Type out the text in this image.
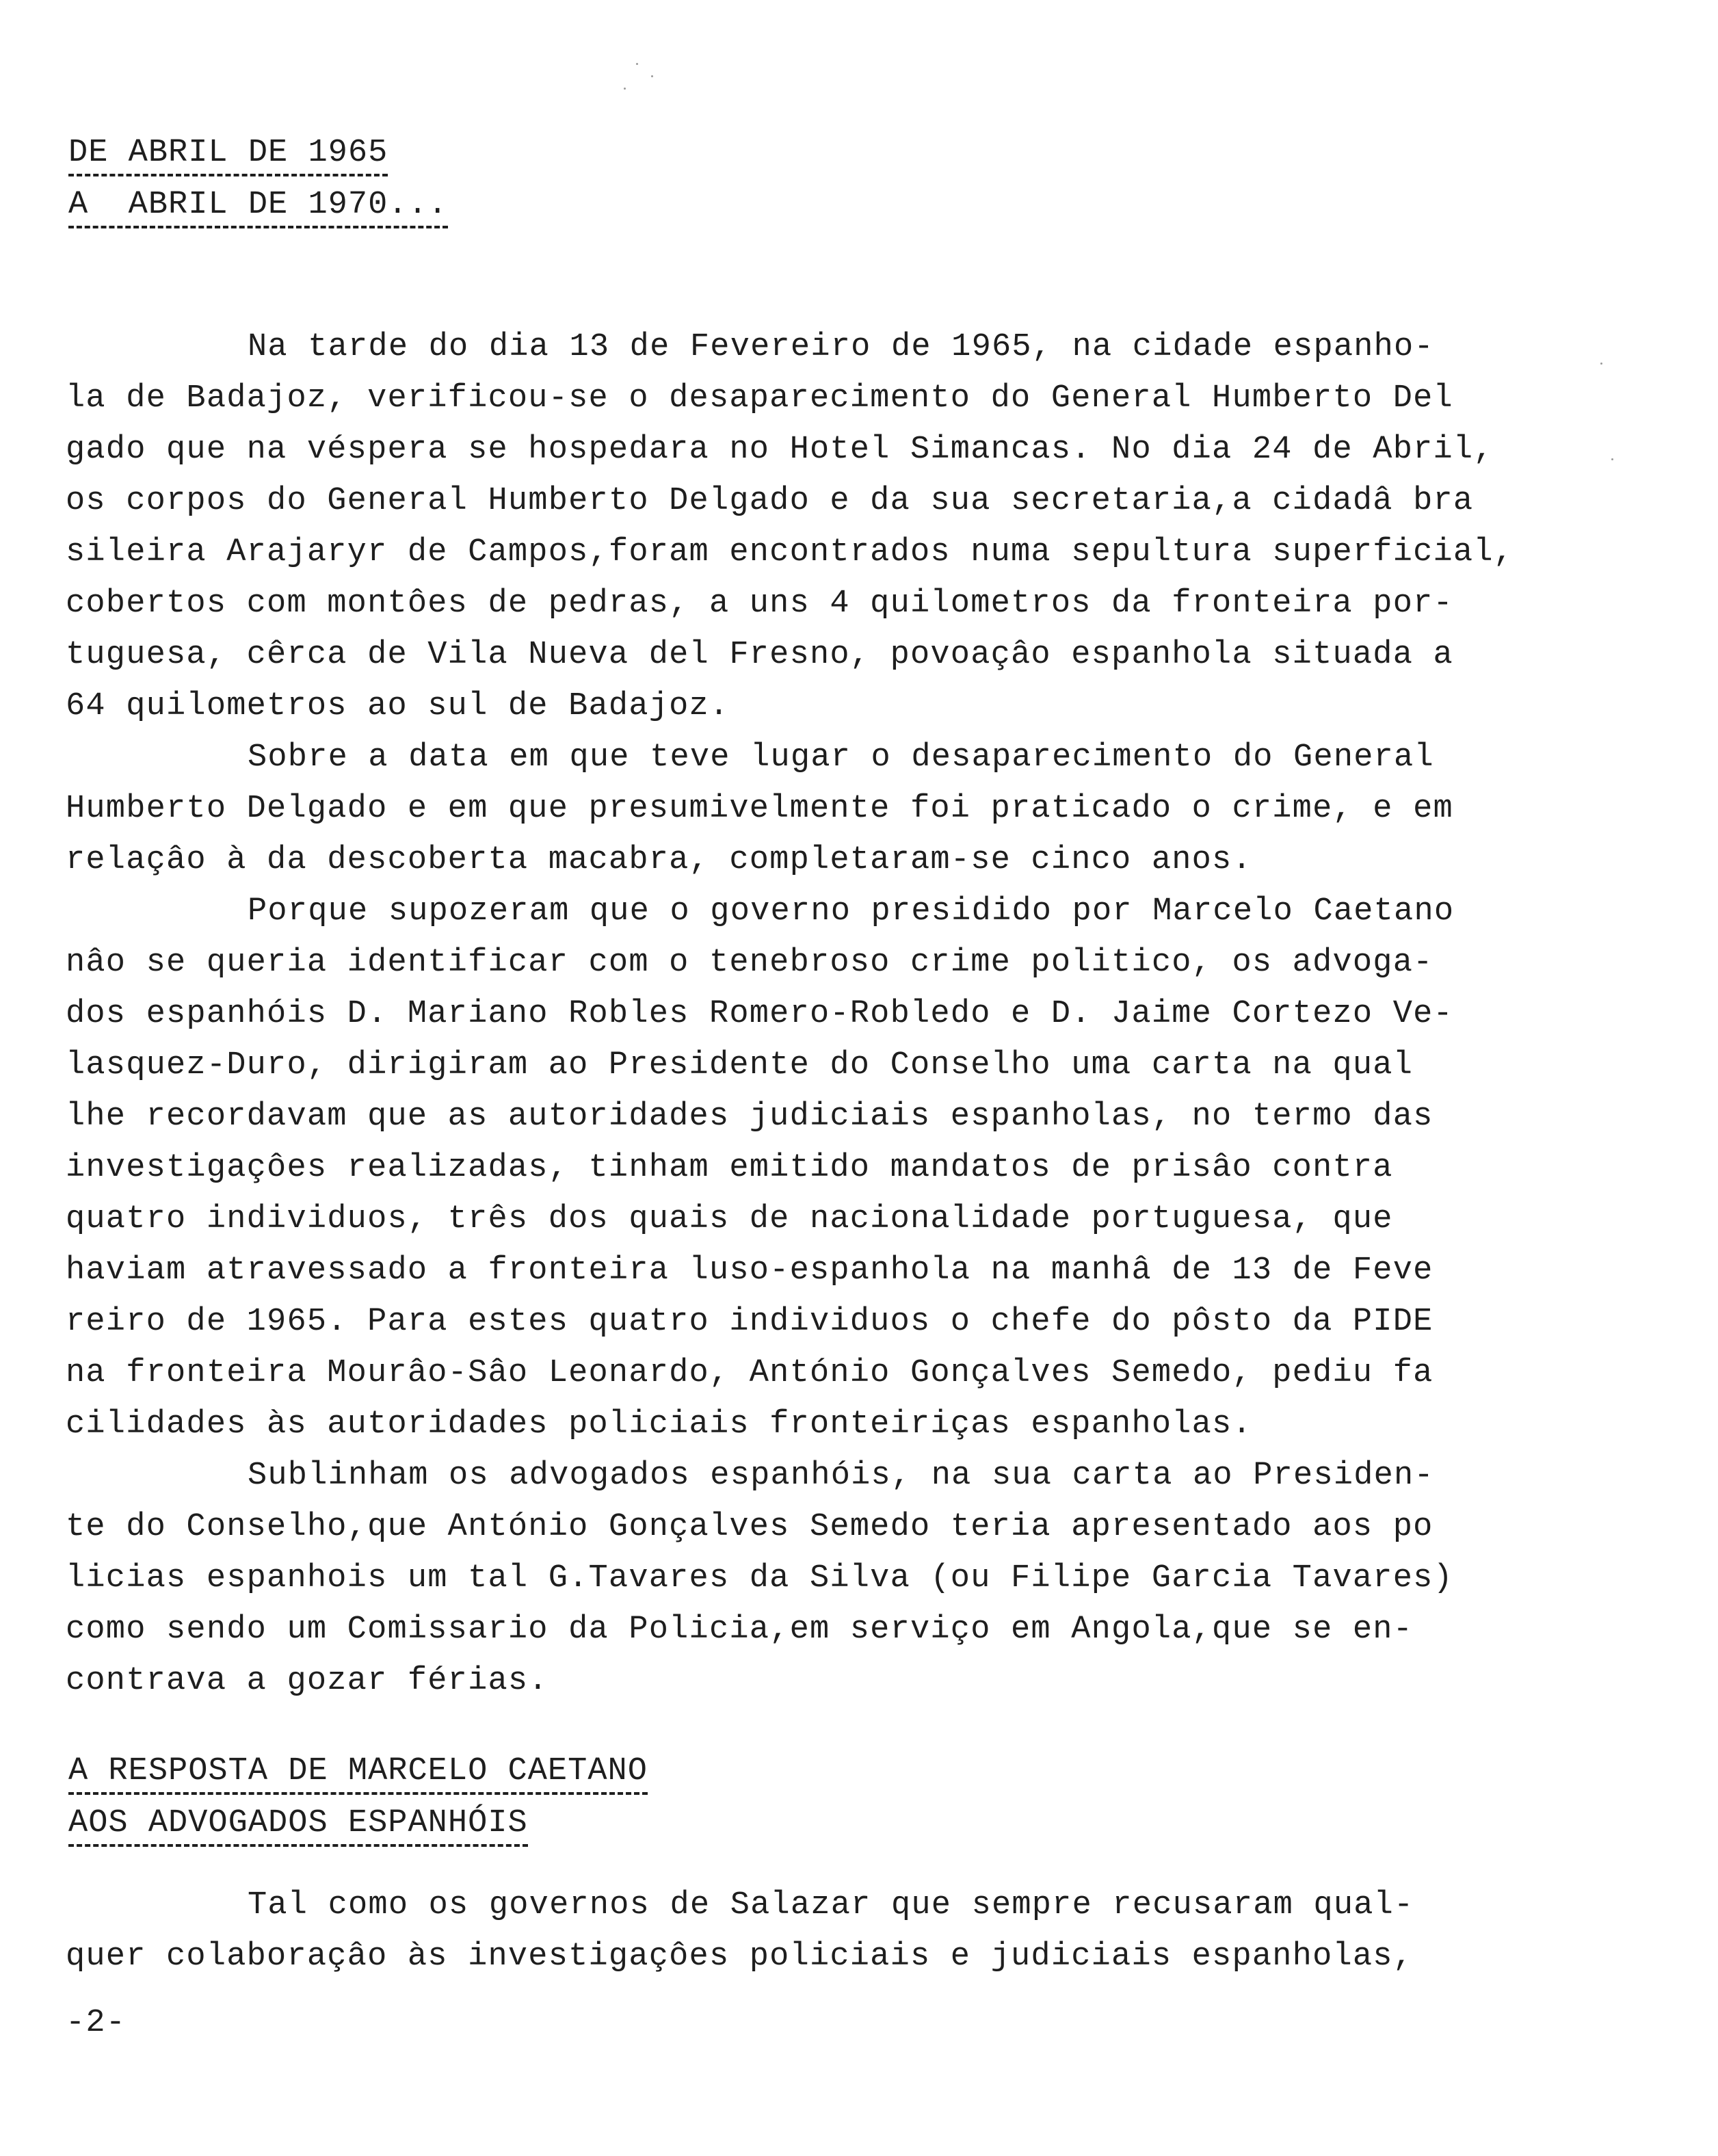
DE ABRIL DE 1965
A  ABRIL DE 1970...
Na tarde do dia 13 de Fevereiro de 1965, na cidade espanho-
la de Badajoz, verificou-se o desaparecimento do General Humberto Del
gado que na véspera se hospedara no Hotel Simancas. No dia 24 de Abril,
os corpos do General Humberto Delgado e da sua secretaria,a cidadâ bra
sileira Arajaryr de Campos,foram encontrados numa sepultura superficial,
cobertos com montôes de pedras, a uns 4 quilometros da fronteira por-
tuguesa, cêrca de Vila Nueva del Fresno, povoaçâo espanhola situada a
64 quilometros ao sul de Badajoz.
Sobre a data em que teve lugar o desaparecimento do General
Humberto Delgado e em que presumivelmente foi praticado o crime, e em
relaçâo à da descoberta macabra, completaram-se cinco anos.
Porque supozeram que o governo presidido por Marcelo Caetano
nâo se queria identificar com o tenebroso crime politico, os advoga-
dos espanhóis D. Mariano Robles Romero-Robledo e D. Jaime Cortezo Ve-
lasquez-Duro, dirigiram ao Presidente do Conselho uma carta na qual
lhe recordavam que as autoridades judiciais espanholas, no termo das
investigaçôes realizadas, tinham emitido mandatos de prisâo contra
quatro individuos, três dos quais de nacionalidade portuguesa, que
haviam atravessado a fronteira luso-espanhola na manhâ de 13 de Feve
reiro de 1965. Para estes quatro individuos o chefe do pôsto da PIDE
na fronteira Mourâo-Sâo Leonardo, António Gonçalves Semedo, pediu fa
cilidades às autoridades policiais fronteiriças espanholas.
Sublinham os advogados espanhóis, na sua carta ao Presiden-
te do Conselho,que António Gonçalves Semedo teria apresentado aos po
licias espanhois um tal G.Tavares da Silva (ou Filipe Garcia Tavares)
como sendo um Comissario da Policia,em serviço em Angola,que se en-
contrava a gozar férias.
A RESPOSTA DE MARCELO CAETANO
AOS ADVOGADOS ESPANHÓIS
Tal como os governos de Salazar que sempre recusaram qual-
quer colaboraçâo às investigaçôes policiais e judiciais espanholas,
-2-
